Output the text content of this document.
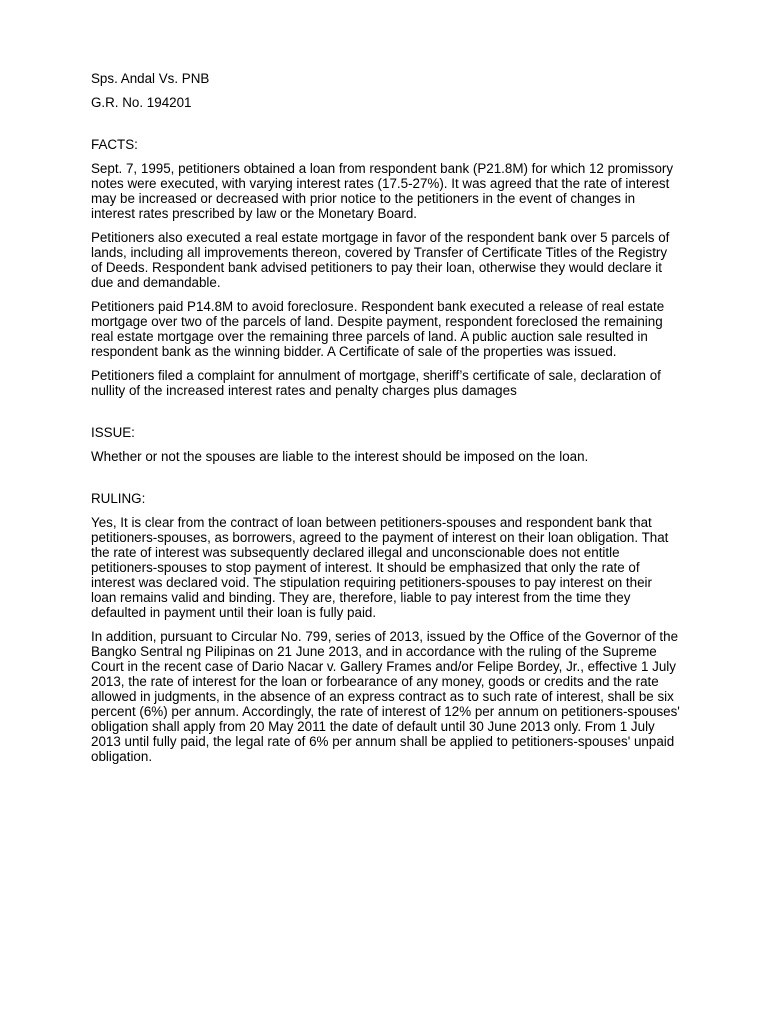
Sps. Andal Vs. PNB

G.R. No. 194201

FACTS:

Sept. 7, 1995, petitioners obtained a loan from respondent bank (P21.8M) for which 12 promissory notes were executed, with varying interest rates (17.5-27%). It was agreed that the rate of interest may be increased or decreased with prior notice to the petitioners in the event of changes in interest rates prescribed by law or the Monetary Board.

Petitioners also executed a real estate mortgage in favor of the respondent bank over 5 parcels of lands, including all improvements thereon, covered by Transfer of Certificate Titles of the Registry of Deeds. Respondent bank advised petitioners to pay their loan, otherwise they would declare it due and demandable.

Petitioners paid P14.8M to avoid foreclosure. Respondent bank executed a release of real estate mortgage over two of the parcels of land. Despite payment, respondent foreclosed the remaining real estate mortgage over the remaining three parcels of land. A public auction sale resulted in respondent bank as the winning bidder. A Certificate of sale of the properties was issued.

Petitioners filed a complaint for annulment of mortgage, sheriff’s certificate of sale, declaration of nullity of the increased interest rates and penalty charges plus damages

ISSUE:

Whether or not the spouses are liable to the interest should be imposed on the loan.

RULING:

Yes, It is clear from the contract of loan between petitioners-spouses and respondent bank that petitioners-spouses, as borrowers, agreed to the payment of interest on their loan obligation. That the rate of interest was subsequently declared illegal and unconscionable does not entitle petitioners-spouses to stop payment of interest. It should be emphasized that only the rate of interest was declared void. The stipulation requiring petitioners-spouses to pay interest on their loan remains valid and binding. They are, therefore, liable to pay interest from the time they defaulted in payment until their loan is fully paid.

In addition, pursuant to Circular No. 799, series of 2013, issued by the Office of the Governor of the Bangko Sentral ng Pilipinas on 21 June 2013, and in accordance with the ruling of the Supreme Court in the recent case of Dario Nacar v. Gallery Frames and/or Felipe Bordey, Jr., effective 1 July 2013, the rate of interest for the loan or forbearance of any money, goods or credits and the rate allowed in judgments, in the absence of an express contract as to such rate of interest, shall be six percent (6%) per annum. Accordingly, the rate of interest of 12% per annum on petitioners-spouses' obligation shall apply from 20 May 2011 the date of default until 30 June 2013 only. From 1 July 2013 until fully paid, the legal rate of 6% per annum shall be applied to petitioners-spouses' unpaid obligation.
